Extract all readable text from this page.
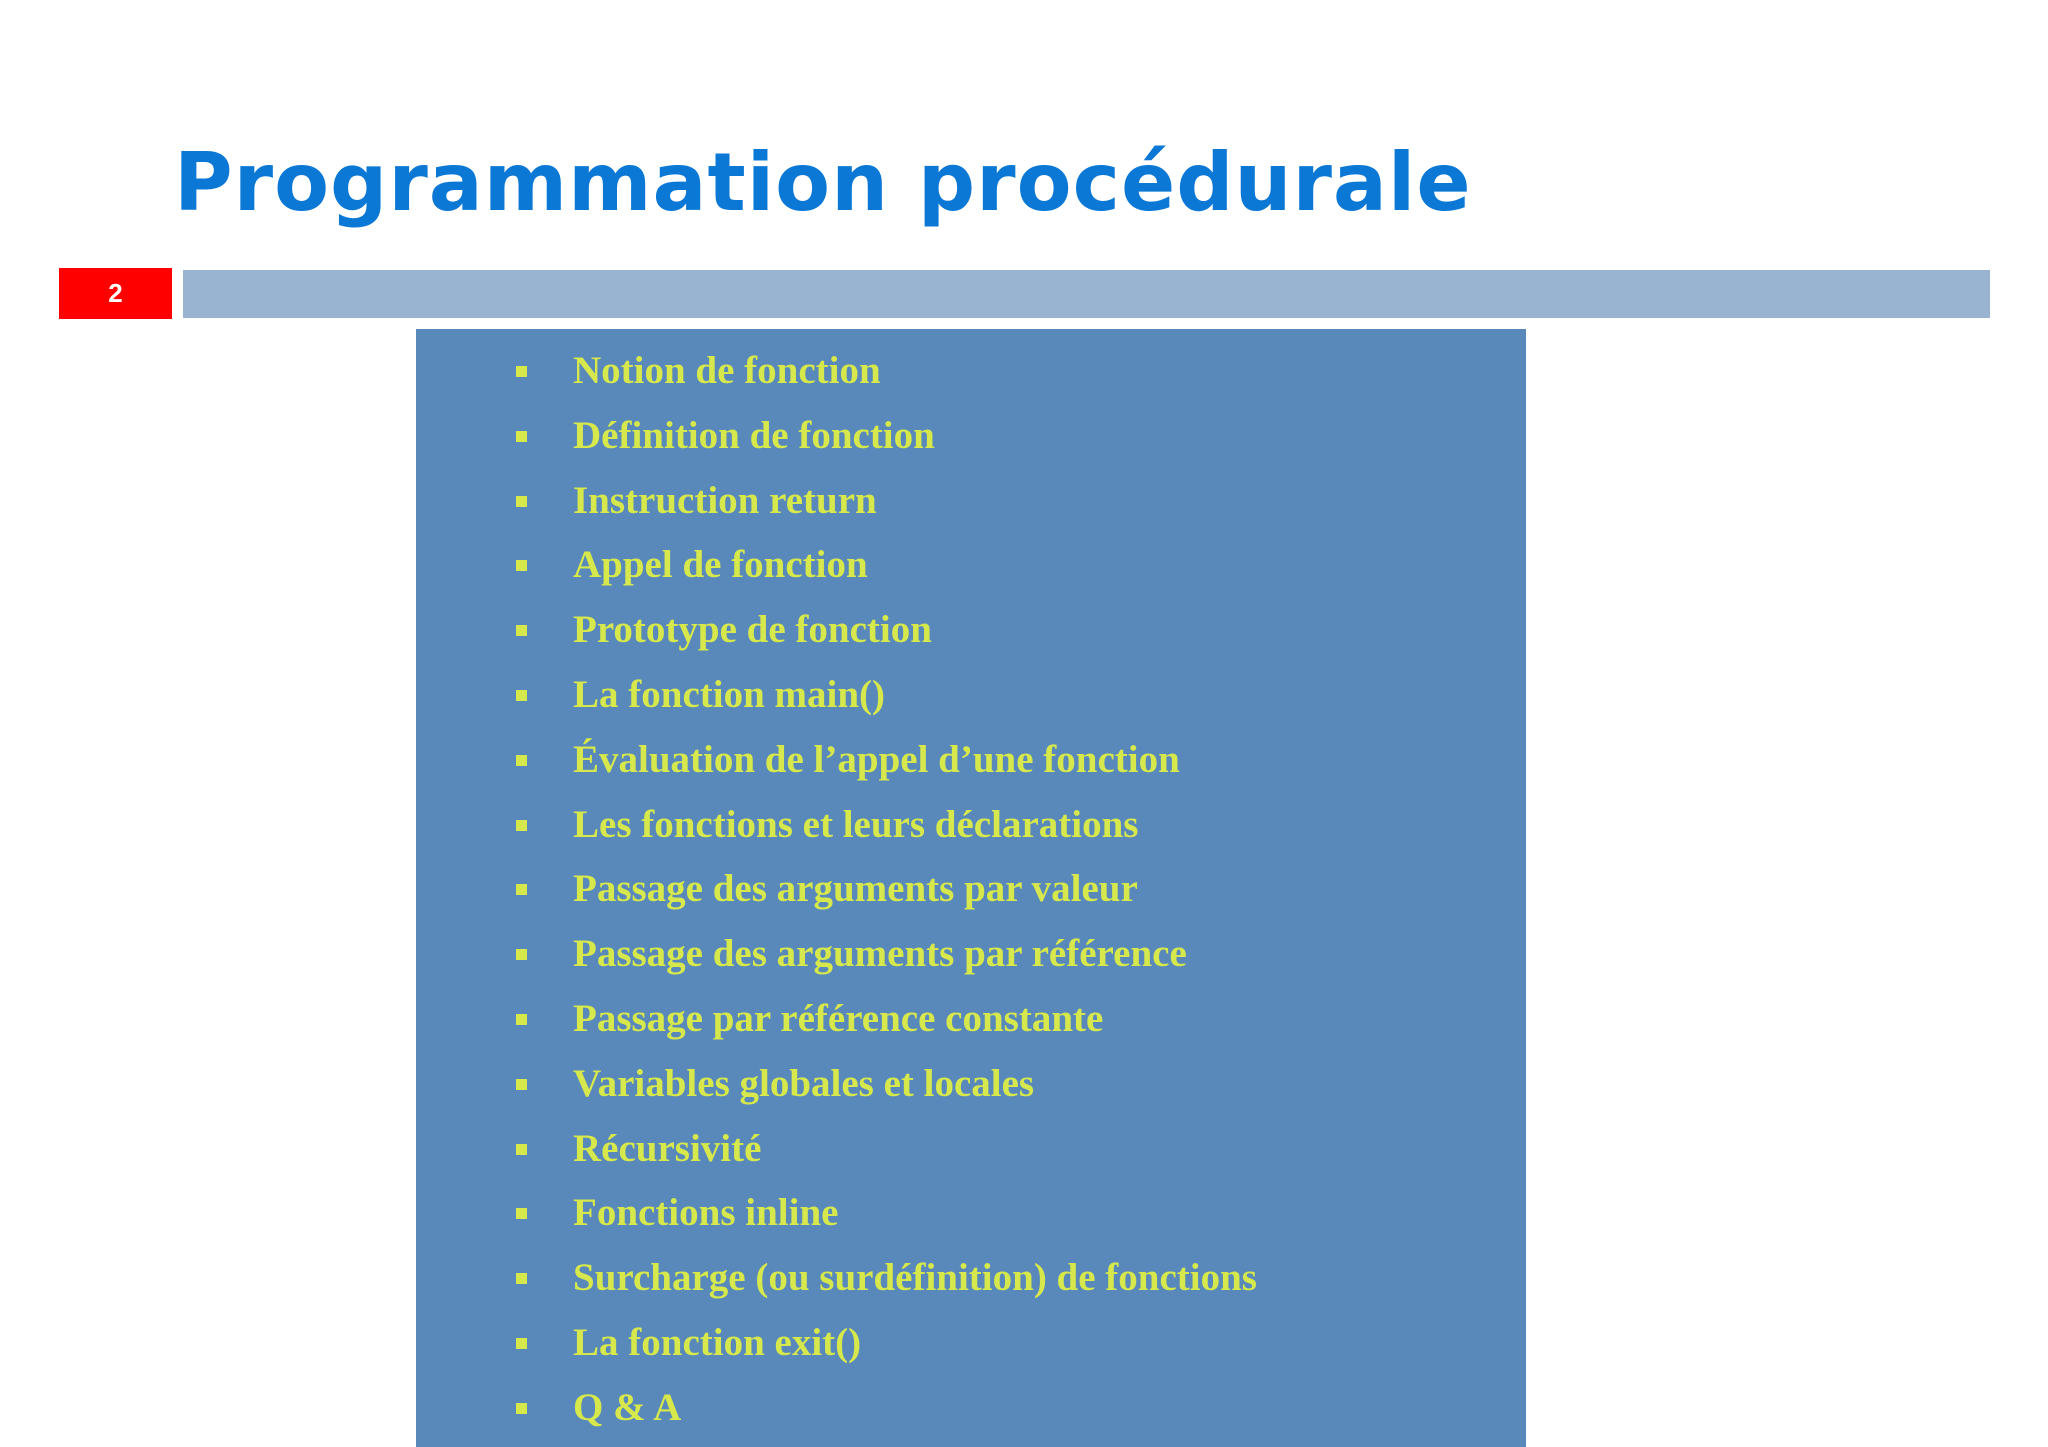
Programmation procédurale
2
Notion de fonction
Définition de fonction
Instruction return
Appel de fonction
Prototype de fonction
La fonction main()
Évaluation de l’appel d’une fonction
Les fonctions et leurs déclarations
Passage des arguments par valeur
Passage des arguments par référence
Passage par référence constante
Variables globales et locales
Récursivité
Fonctions inline
Surcharge (ou surdéfinition) de fonctions
La fonction exit()
Q & A
